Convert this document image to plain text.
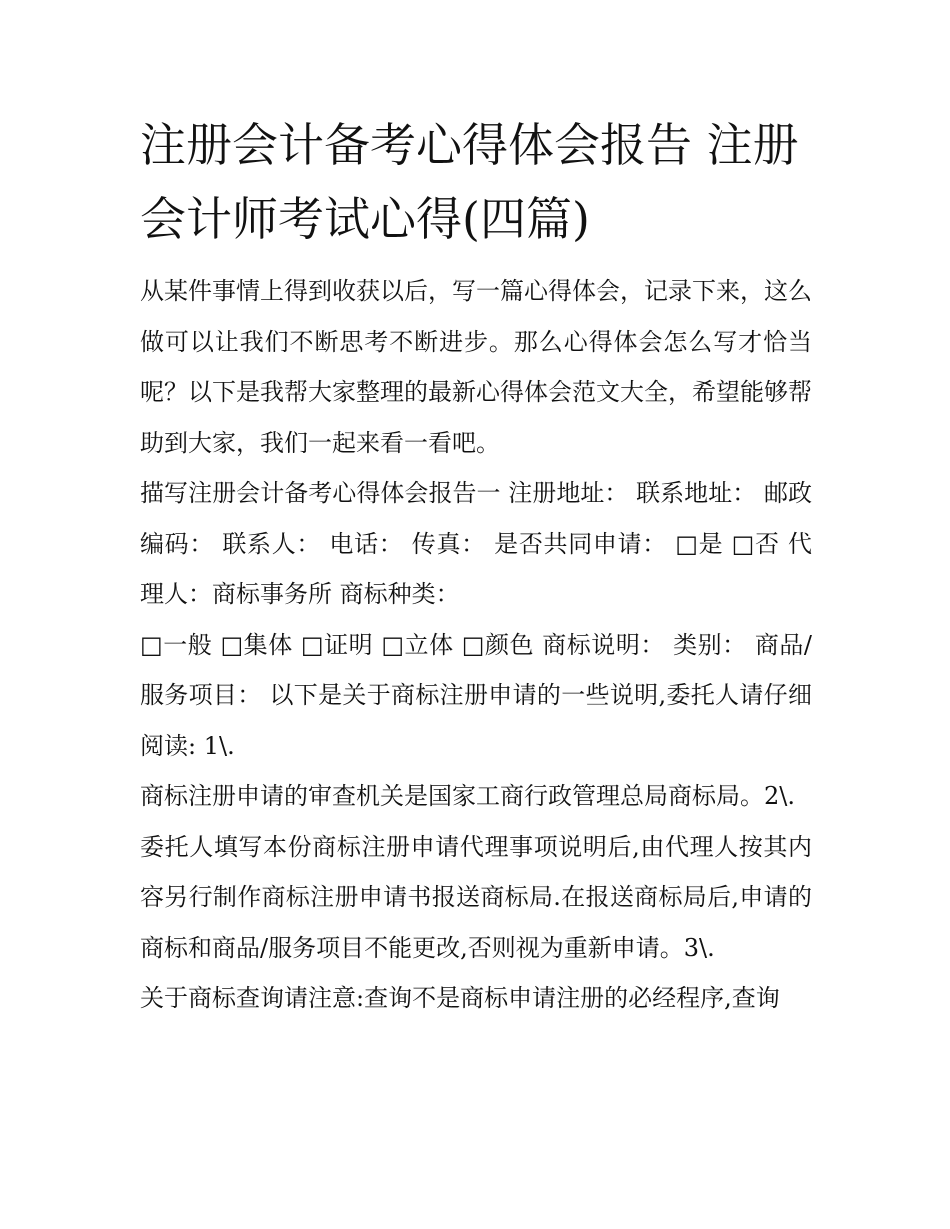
注册会计备考心得体会报告 注册会计师考试心得(四篇)

从某件事情上得到收获以后，写一篇心得体会，记录下来，这么做可以让我们不断思考不断进步。那么心得体会怎么写才恰当呢？以下是我帮大家整理的最新心得体会范文大全，希望能够帮助到大家，我们一起来看一看吧。

描写注册会计备考心得体会报告一 注册地址： 联系地址： 邮政编码： 联系人： 电话： 传真： 是否共同申请： □是 □否 代理人：商标事务所 商标种类：

□一般 □集体 □证明 □立体 □颜色 商标说明： 类别： 商品/服务项目： 以下是关于商标注册申请的一些说明,委托人请仔细阅读: 1\.

商标注册申请的审查机关是国家工商行政管理总局商标局。2\.

委托人填写本份商标注册申请代理事项说明后,由代理人按其内容另行制作商标注册申请书报送商标局.在报送商标局后,申请的商标和商品/服务项目不能更改,否则视为重新申请。3\.

关于商标查询请注意:查询不是商标申请注册的必经程序,查询
